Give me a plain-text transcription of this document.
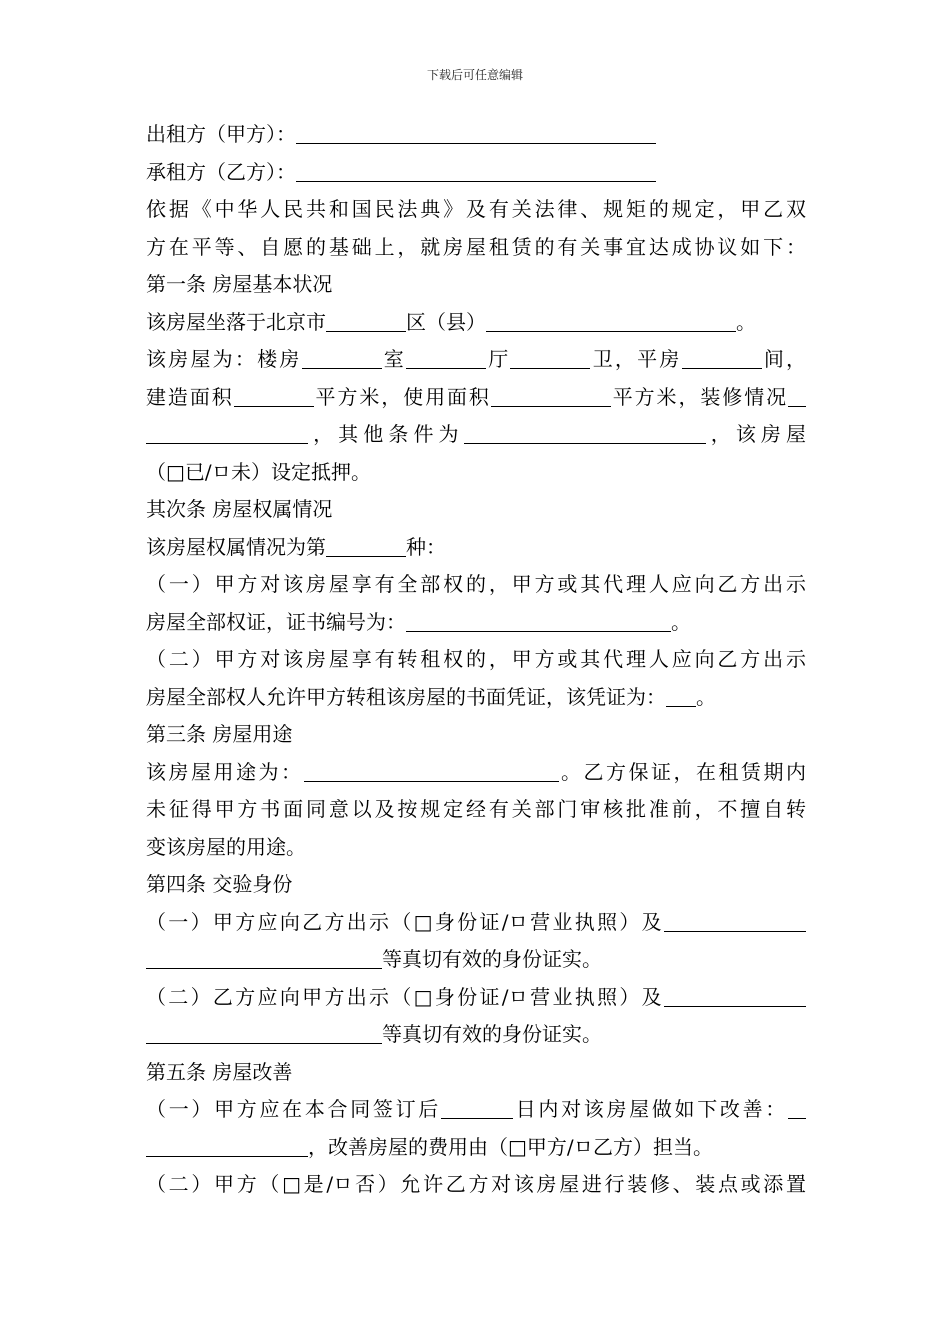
下载后可任意编辑
出租方（甲方）：
承租方（乙方）：
依据《中华人民共和国民法典》及有关法律、规矩的规定，甲乙双
方在平等、自愿的基础上，就房屋租赁的有关事宜达成协议如下：
第一条 房屋基本状况
该房屋坐落于北京市	区（县）	。
该房屋为：楼房	室	厅	卫，平房	间，
建造面积	平方米，使用面积	平方米，装修情况
，其他条件为	，该房屋
（□已/ㅁ未）设定抵押。
其次条 房屋权属情况
该房屋权属情况为第	种：
（一）甲方对该房屋享有全部权的，甲方或其代理人应向乙方出示
房屋全部权证，证书编号为：	。
（二）甲方对该房屋享有转租权的，甲方或其代理人应向乙方出示
房屋全部权人允许甲方转租该房屋的书面凭证，该凭证为： 。
第三条 房屋用途
该房屋用途为：	。乙方保证，在租赁期内
未征得甲方书面同意以及按规定经有关部门审核批准前，不擅自转
变该房屋的用途。
第四条 交验身份
（一）甲方应向乙方出示（□身份证/ㅁ营业执照）及
等真切有效的身份证实。
（二）乙方应向甲方出示（□身份证/ㅁ营业执照）及
等真切有效的身份证实。
第五条 房屋改善
（一）甲方应在本合同签订后	日内对该房屋做如下改善：
，改善房屋的费用由（□甲方/ㅁ乙方）担当。
（二）甲方（□是/ㅁ否）允许乙方对该房屋进行装修、装点或添置
